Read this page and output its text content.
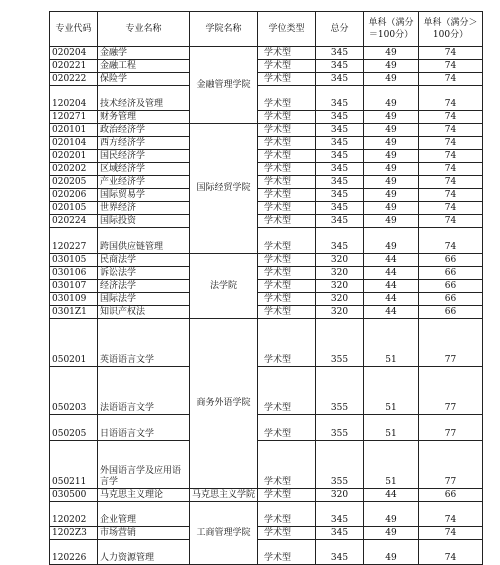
专业代码	专业名称	学院名称	学位类型	总分	单科（满分＝100分）	单科（满分＞100分）
020204	金融学	金融管理学院	学术型	345	49	74
020221	金融工程		学术型	345	49	74
020222	保险学		学术型	345	49	74
120204	技术经济及管理		学术型	345	49	74
120271	财务管理		学术型	345	49	74
020101	政治经济学	国际经贸学院	学术型	345	49	74
020104	西方经济学		学术型	345	49	74
020201	国民经济学		学术型	345	49	74
020202	区域经济学		学术型	345	49	74
020205	产业经济学		学术型	345	49	74
020206	国际贸易学		学术型	345	49	74
020105	世界经济		学术型	345	49	74
020224	国际投资		学术型	345	49	74
120227	跨国供应链管理		学术型	345	49	74
030105	民商法学	法学院	学术型	320	44	66
030106	诉讼法学		学术型	320	44	66
030107	经济法学		学术型	320	44	66
030109	国际法学		学术型	320	44	66
0301Z1	知识产权法		学术型	320	44	66
050201	英语语言文学	商务外语学院	学术型	355	51	77
050203	法语语言文学		学术型	355	51	77
050205	日语语言文学		学术型	355	51	77
050211	外国语言学及应用语言学		学术型	355	51	77
030500	马克思主义理论	马克思主义学院	学术型	320	44	66
120202	企业管理	工商管理学院	学术型	345	49	74
1202Z3	市场营销		学术型	345	49	74
120226	人力资源管理		学术型	345	49	74
